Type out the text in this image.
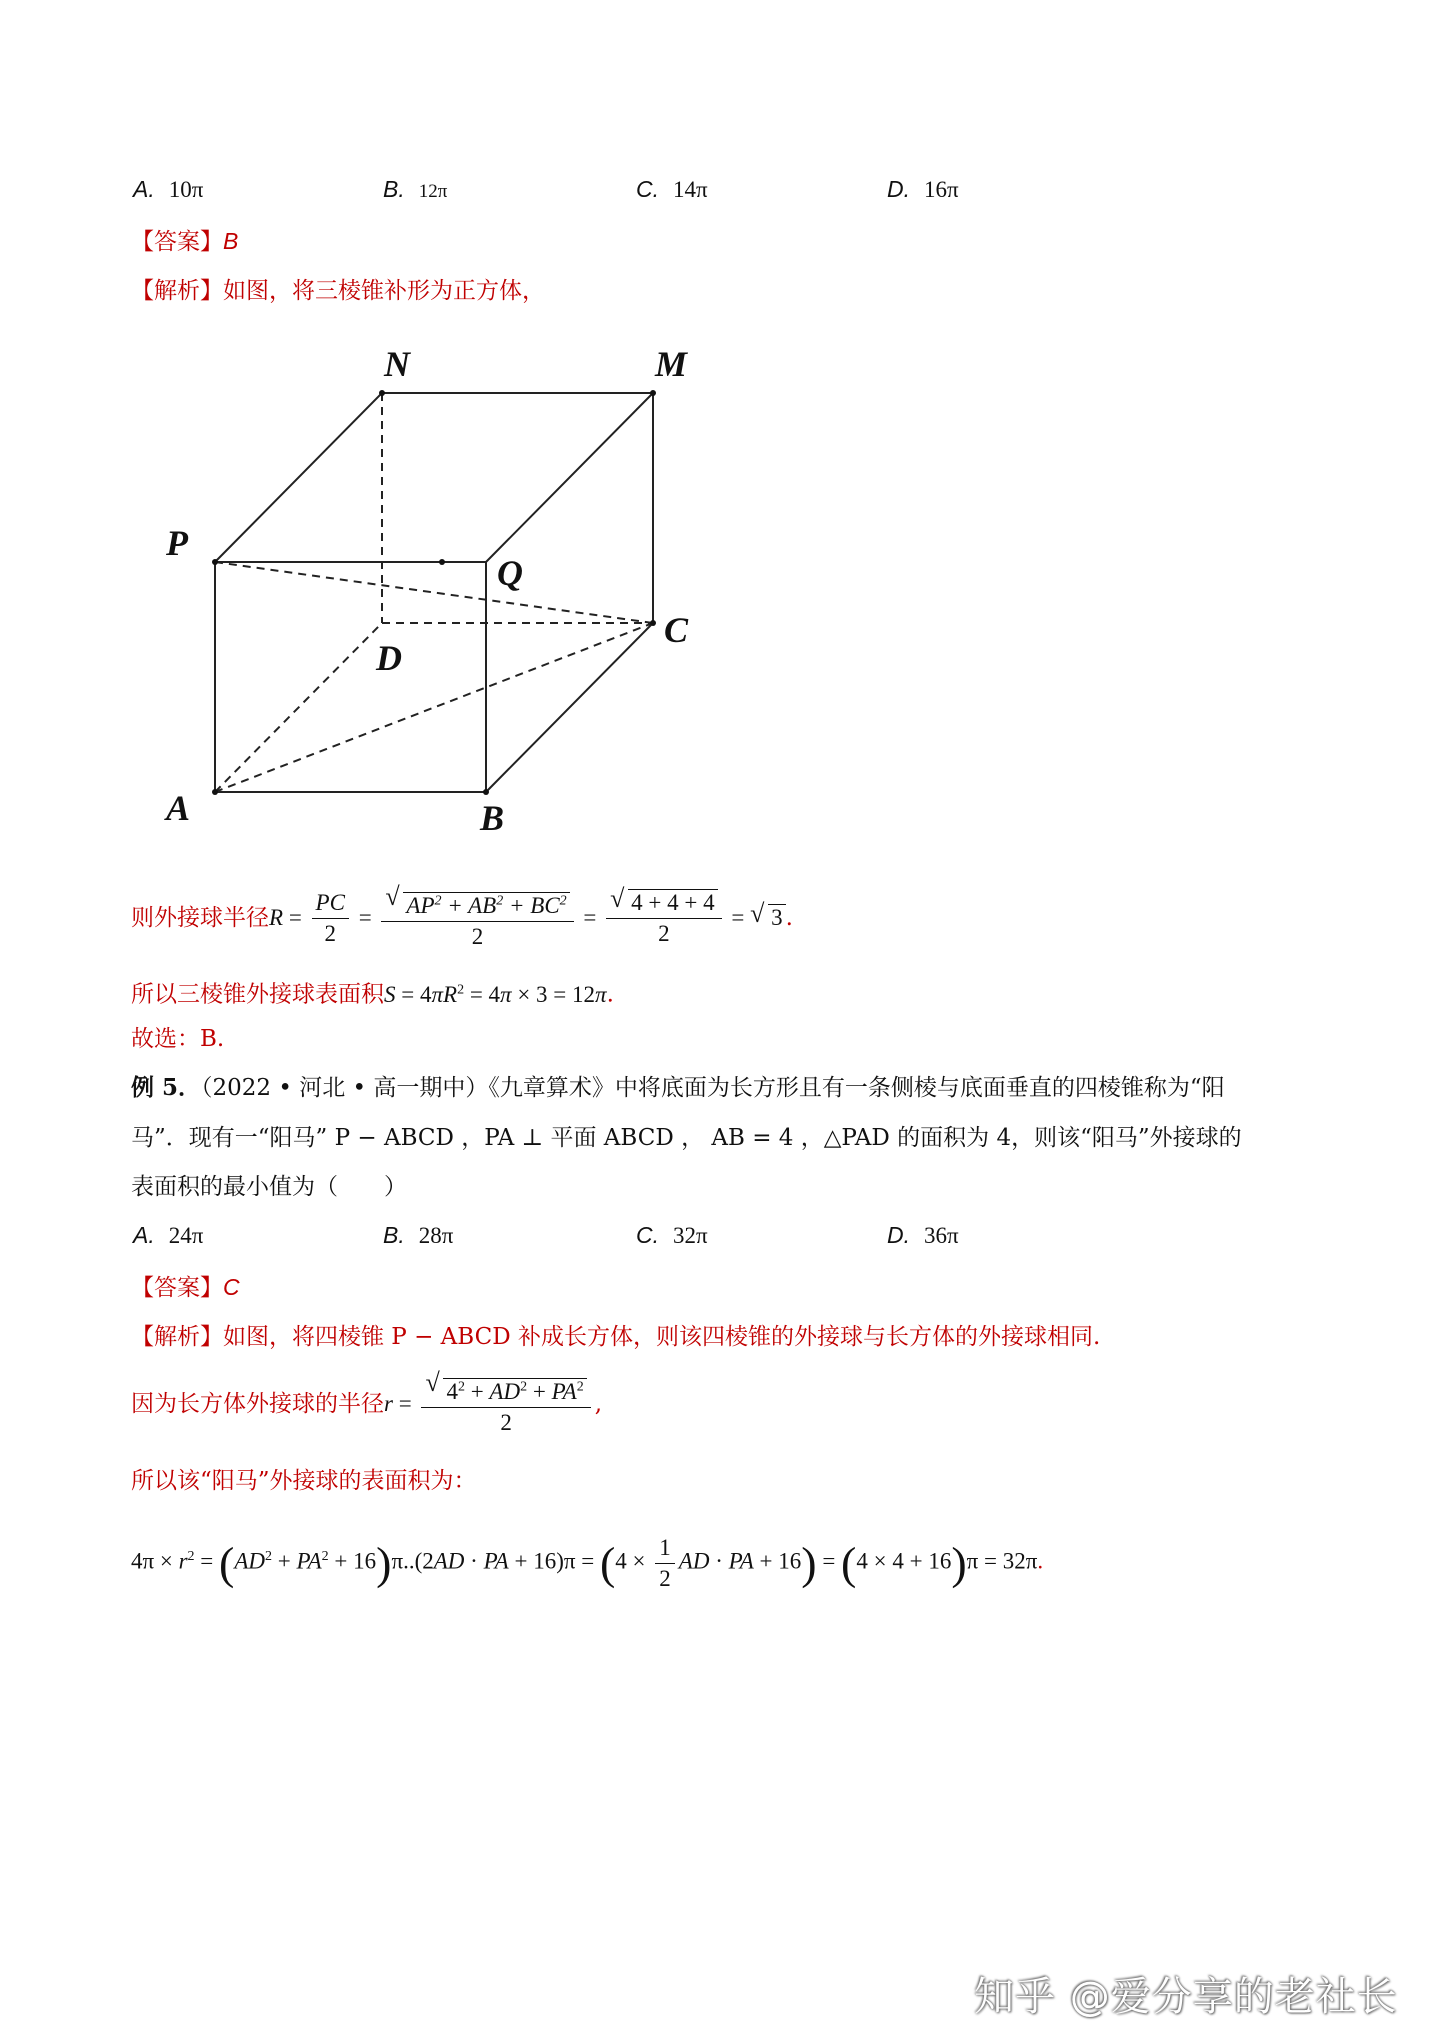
A. 10π	B. 12π	C. 14π	D. 16π
【答案】B
【解析】如图，将三棱锥补形为正方体，
N	M
P
Q
D
C
A	B
则外接球半径$R = \frac{PC}{2} = \frac{√ AP^2 + AB^2 + BC^2}{2} = \frac{√ 4 + 4 + 4}{2}$ = √ 3 .
所以三棱锥外接球表面积$S = 4\pi R^2 = 4\pi \times 3 = 12\pi$.
故选：B.
例 5．（2022 • 河北 • 高一期中）《九章算术》中将底面为长方形且有一条侧棱与底面垂直的四棱锥称为“阳
马”．现有一“阳马” P − ABCD ，PA ⊥ 平面 ABCD ， AB = 4 ，△PAD 的面积为 4，则该“阳马”外接球的
表面积的最小值为（　　）
A. 24π	B. 28π	C. 32π	D. 36π
【答案】C
【解析】如图，将四棱锥 P − ABCD 补成长方体，则该四棱锥的外接球与长方体的外接球相同.
因为长方体外接球的半径$r = \frac{√ 4^2 + AD^2 + PA^2}{2}$ ,
所以该“阳马”外接球的表面积为：
$4\pi \times r^2 = (AD^2 + PA^2 + 16)\pi..(2AD$ · PA + $16)\pi = (4 \times \frac{1}{2}$ AD · PA + 16) = (4 × 4 + 16)π = 32π.
知乎 @爱分享的老社长
